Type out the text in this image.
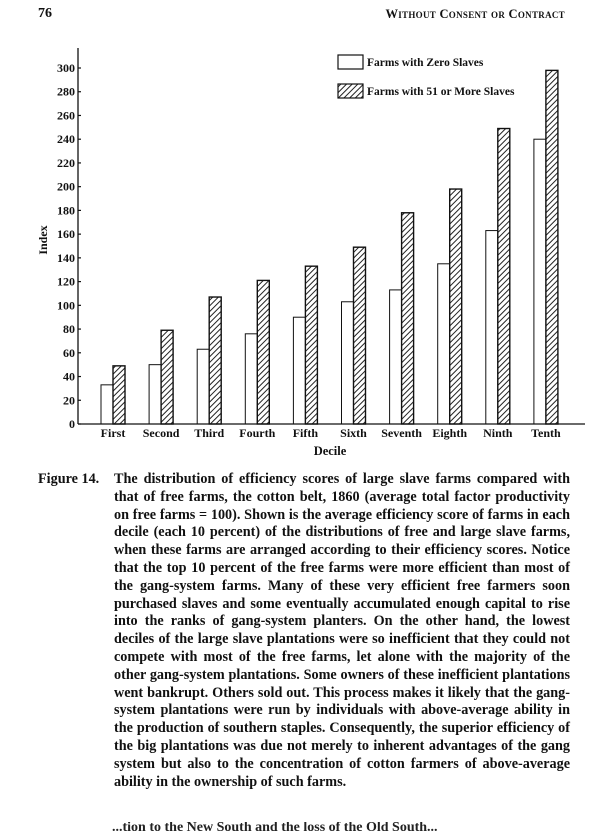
76	Without Consent or Contract
0
20
40
60
80
100
120
140
160
180
200
220
240
260
280
300
First Second Third Fourth Fifth Sixth Seventh Eighth Ninth Tenth
Farms with Zero Slaves
Farms with 51 or More Slaves
Index
Decile
Figure 14. The distribution of efficiency scores of large slave farms compared with that of free farms, the cotton belt, 1860 (average total factor productivity on free farms = 100). Shown is the average efficiency score of farms in each decile (each 10 percent) of the distributions of free and large slave farms, when these farms are arranged according to their efficiency scores. Notice that the top 10 percent of the free farms were more efficient than most of the gang-system farms. Many of these very efficient free farmers soon purchased slaves and some eventually accumulated enough capital to rise into the ranks of gang-system planters. On the other hand, the lowest deciles of the large slave plantations were so inefficient that they could not compete with most of the free farms, let alone with the majority of the other gang-system plantations. Some owners of these inefficient plantations went bankrupt. Others sold out. This process makes it likely that the gang-system plantations were run by individuals with above-average ability in the production of southern staples. Consequently, the superior efficiency of the big plantations was due not merely to inherent advantages of the gang system but also to the concentration of cotton farmers of above-average ability in the ownership of such farms.
...tion to the New South and the loss of the Old South...
